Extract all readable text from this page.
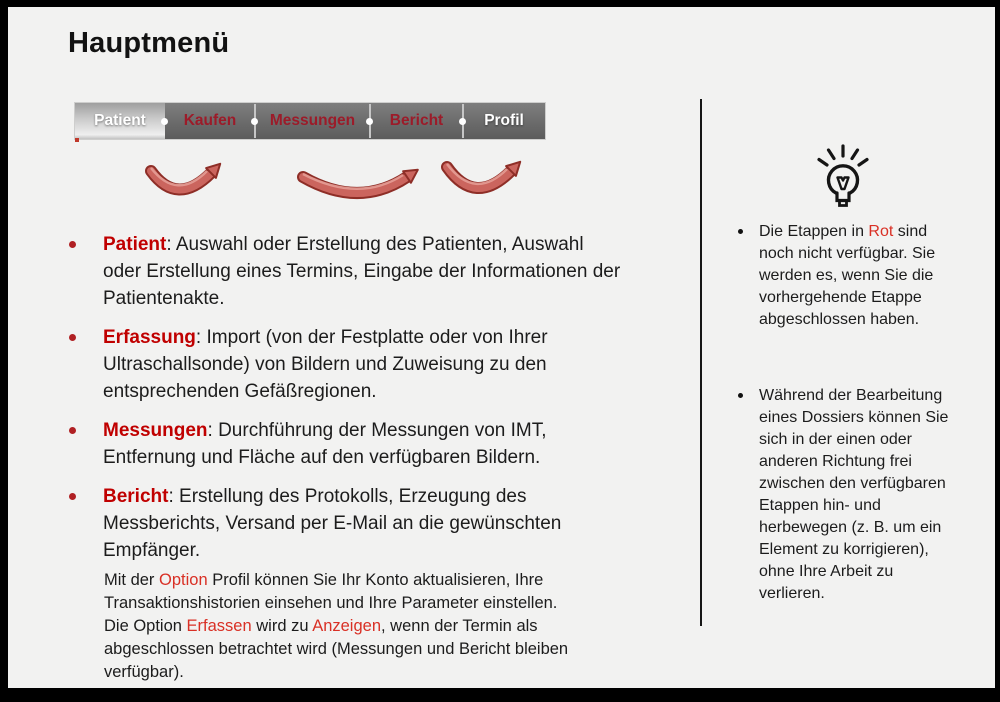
Hauptmenü
Patient	Kaufen	Messungen	Bericht	Profil
Patient: Auswahl oder Erstellung des Patienten, Auswahl
oder Erstellung eines Termins, Eingabe der Informationen der
Patientenakte.
Erfassung: Import (von der Festplatte oder von Ihrer
Ultraschallsonde) von Bildern und Zuweisung zu den
entsprechenden Gefäßregionen.
Messungen: Durchführung der Messungen von IMT,
Entfernung und Fläche auf den verfügbaren Bildern.
Bericht: Erstellung des Protokolls, Erzeugung des
Messberichts, Versand per E-Mail an die gewünschten
Empfänger.
Mit der Option Profil können Sie Ihr Konto aktualisieren, Ihre
Transaktionshistorien einsehen und Ihre Parameter einstellen.
Die Option Erfassen wird zu Anzeigen, wenn der Termin als
abgeschlossen betrachtet wird (Messungen und Bericht bleiben
verfügbar).
Die Etappen in Rot sind
noch nicht verfügbar. Sie
werden es, wenn Sie die
vorhergehende Etappe
abgeschlossen haben.
Während der Bearbeitung
eines Dossiers können Sie
sich in der einen oder
anderen Richtung frei
zwischen den verfügbaren
Etappen hin- und
herbewegen (z. B. um ein
Element zu korrigieren),
ohne Ihre Arbeit zu
verlieren.
